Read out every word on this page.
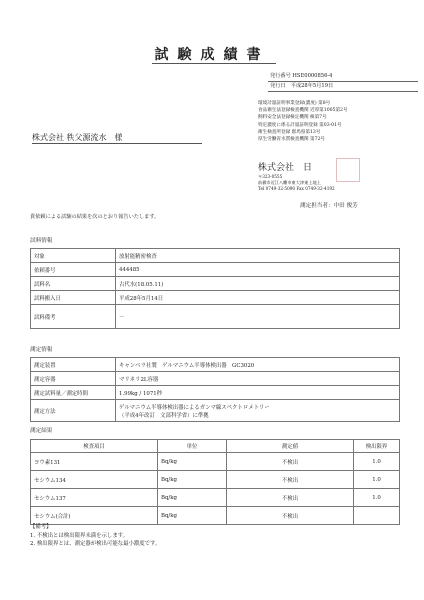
試験成績書
発行番号 HSE0000856-4
発行日　平成28年5月19日
環境計量証明事業登録(濃度) 第8号
食品衛生法登録検査機関 近厚第1005第2号
飼料安全法登録検定機関 検第7号
特定濃度に係る計量証明登録 第03-01号
衛生検査所登録 群馬県第13号
厚生労働省水質検査機関 第72号
株式会社 秩父源流水　様
株式会社　日
〒323-0555
前橋市近江八幡市東大津東上地上
Tel 0749-32-5090 Fax 0749-32-4192
測定担当者：中田 俊芳
貴依頼による試験の結果を次のとおり報告いたします。
試料情報
対象	放射能精密検査
依頼番号	444485
試料名	古代水(18.05.11)
試料搬入日	平成28年5月14日
試料備考	－
測定情報
測定装置	キャンベラ社製　ゲルマニウム半導体検出器　GC3020
測定容器	マリネリ2L容器
測定試料量／測定時間	1.99kg / 1071秒
測定方法	ゲルマニウム半導体検出器によるガンマ線スペクトロメトリー
（平成4年改訂　文部科学省）に準拠
測定結果
検査項目	単位	測定値	検出限界
ヨウ素131	Bq/kg	不検出	1.0
セシウム134	Bq/kg	不検出	1.0
セシウム137	Bq/kg	不検出	1.0
セシウム(合計)	Bq/kg	不検出	
【備考】
1. 不検出とは検出限界未満を示します。
2. 検出限界とは、測定器が検出可能な最小濃度です。
